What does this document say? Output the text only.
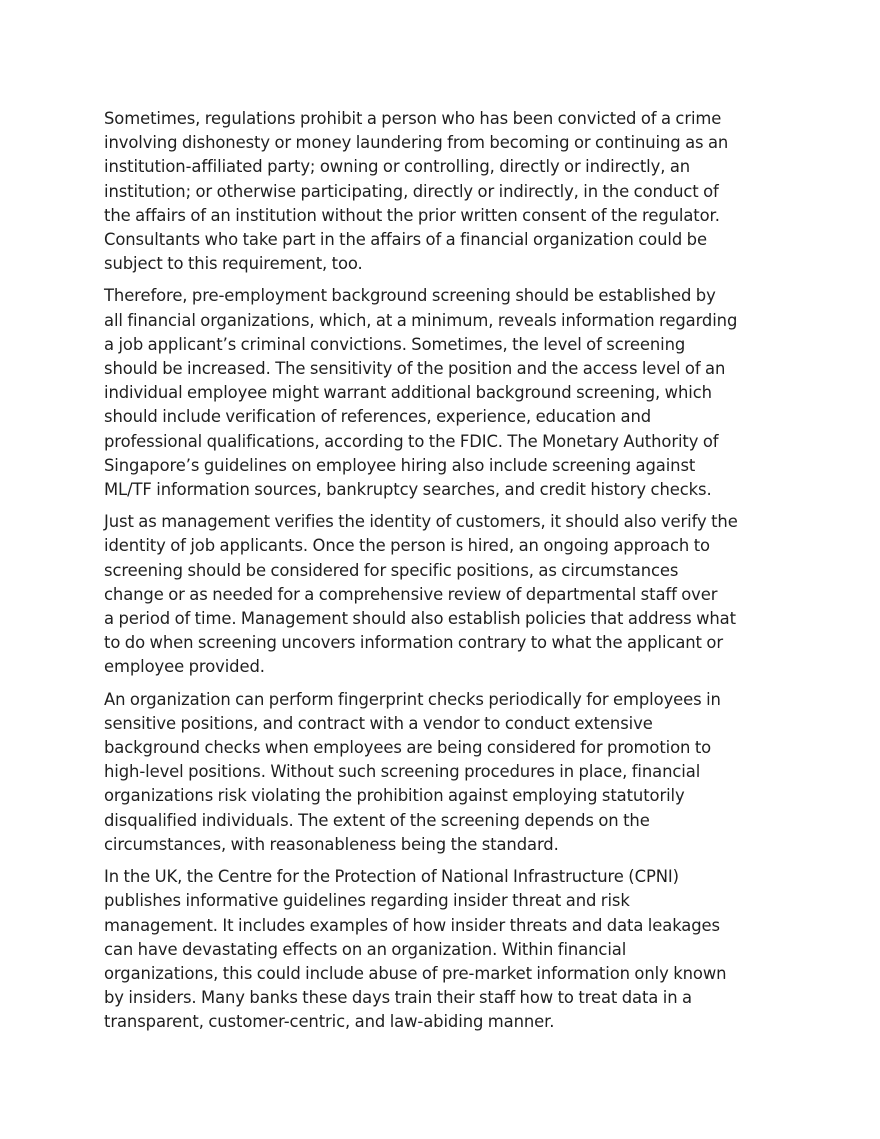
Sometimes, regulations prohibit a person who has been convicted of a crime
involving dishonesty or money laundering from becoming or continuing as an
institution-affiliated party; owning or controlling, directly or indirectly, an
institution; or otherwise participating, directly or indirectly, in the conduct of
the affairs of an institution without the prior written consent of the regulator.
Consultants who take part in the affairs of a financial organization could be
subject to this requirement, too.

Therefore, pre-employment background screening should be established by
all financial organizations, which, at a minimum, reveals information regarding
a job applicant’s criminal convictions. Sometimes, the level of screening
should be increased. The sensitivity of the position and the access level of an
individual employee might warrant additional background screening, which
should include verification of references, experience, education and
professional qualifications, according to the FDIC. The Monetary Authority of
Singapore’s guidelines on employee hiring also include screening against
ML/TF information sources, bankruptcy searches, and credit history checks.

Just as management verifies the identity of customers, it should also verify the
identity of job applicants. Once the person is hired, an ongoing approach to
screening should be considered for specific positions, as circumstances
change or as needed for a comprehensive review of departmental staff over
a period of time. Management should also establish policies that address what
to do when screening uncovers information contrary to what the applicant or
employee provided.

An organization can perform fingerprint checks periodically for employees in
sensitive positions, and contract with a vendor to conduct extensive
background checks when employees are being considered for promotion to
high-level positions. Without such screening procedures in place, financial
organizations risk violating the prohibition against employing statutorily
disqualified individuals. The extent of the screening depends on the
circumstances, with reasonableness being the standard.

In the UK, the Centre for the Protection of National Infrastructure (CPNI)
publishes informative guidelines regarding insider threat and risk
management. It includes examples of how insider threats and data leakages
can have devastating effects on an organization. Within financial
organizations, this could include abuse of pre-market information only known
by insiders. Many banks these days train their staff how to treat data in a
transparent, customer-centric, and law-abiding manner.
